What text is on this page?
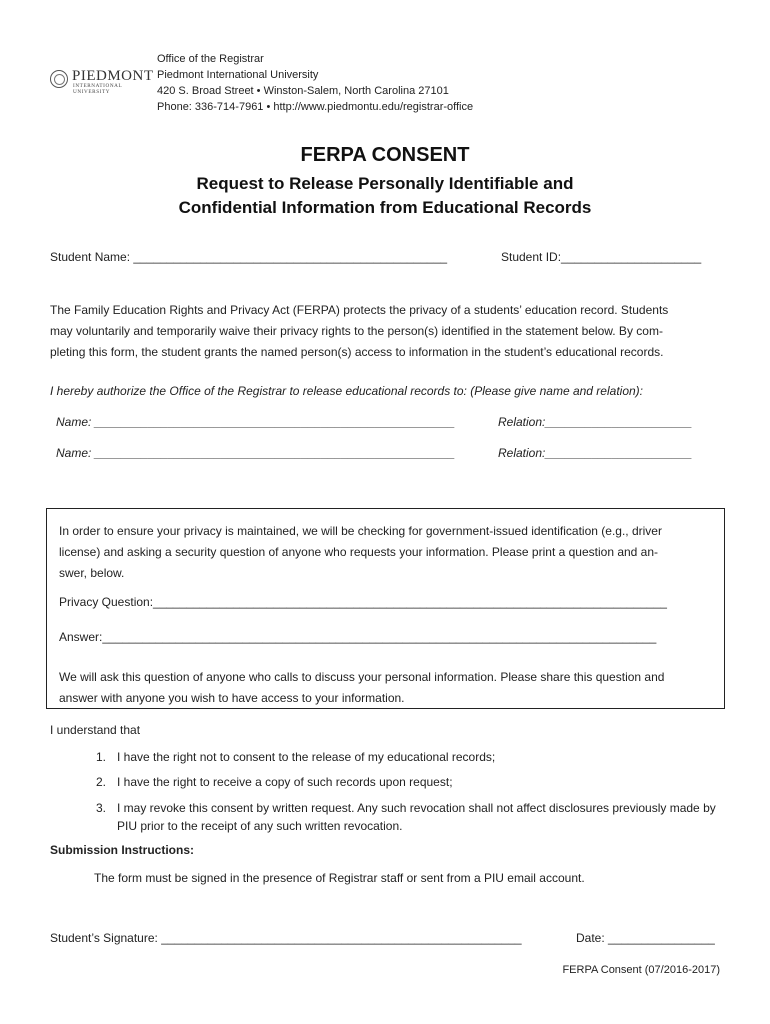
PIEDMONT
INTERNATIONAL UNIVERSITY
Office of the Registrar
Piedmont International University
420 S. Broad Street • Winston-Salem, North Carolina 27101
Phone: 336-714-7961 • http://www.piedmontu.edu/registrar-office
FERPA CONSENT
Request to Release Personally Identifiable and
Confidential Information from Educational Records
Student Name: _______________________________________________	Student ID:_____________________
The Family Education Rights and Privacy Act (FERPA) protects the privacy of a students’ education record. Students
may voluntarily and temporarily waive their privacy rights to the person(s) identified in the statement below. By com-
pleting this form, the student grants the named person(s) access to information in the student’s educational records.
I hereby authorize the Office of the Registrar to release educational records to: (Please give name and relation):
Name: ______________________________________________________	Relation:______________________
Name: ______________________________________________________	Relation:______________________
In order to ensure your privacy is maintained, we will be checking for government-issued identification (e.g., driver
license) and asking a security question of anyone who requests your information. Please print a question and an-
swer, below.
Privacy Question:_____________________________________________________________________________
Answer:___________________________________________________________________________________
We will ask this question of anyone who calls to discuss your personal information. Please share this question and
answer with anyone you wish to have access to your information.
I understand that
1. I have the right not to consent to the release of my educational records;
2. I have the right to receive a copy of such records upon request;
3. I may revoke this consent by written request. Any such revocation shall not affect disclosures previously made by PIU prior to the receipt of any such written revocation.
Submission Instructions:
The form must be signed in the presence of Registrar staff or sent from a PIU email account.
Student’s Signature: ______________________________________________________	Date: ________________
FERPA Consent (07/2016-2017)
